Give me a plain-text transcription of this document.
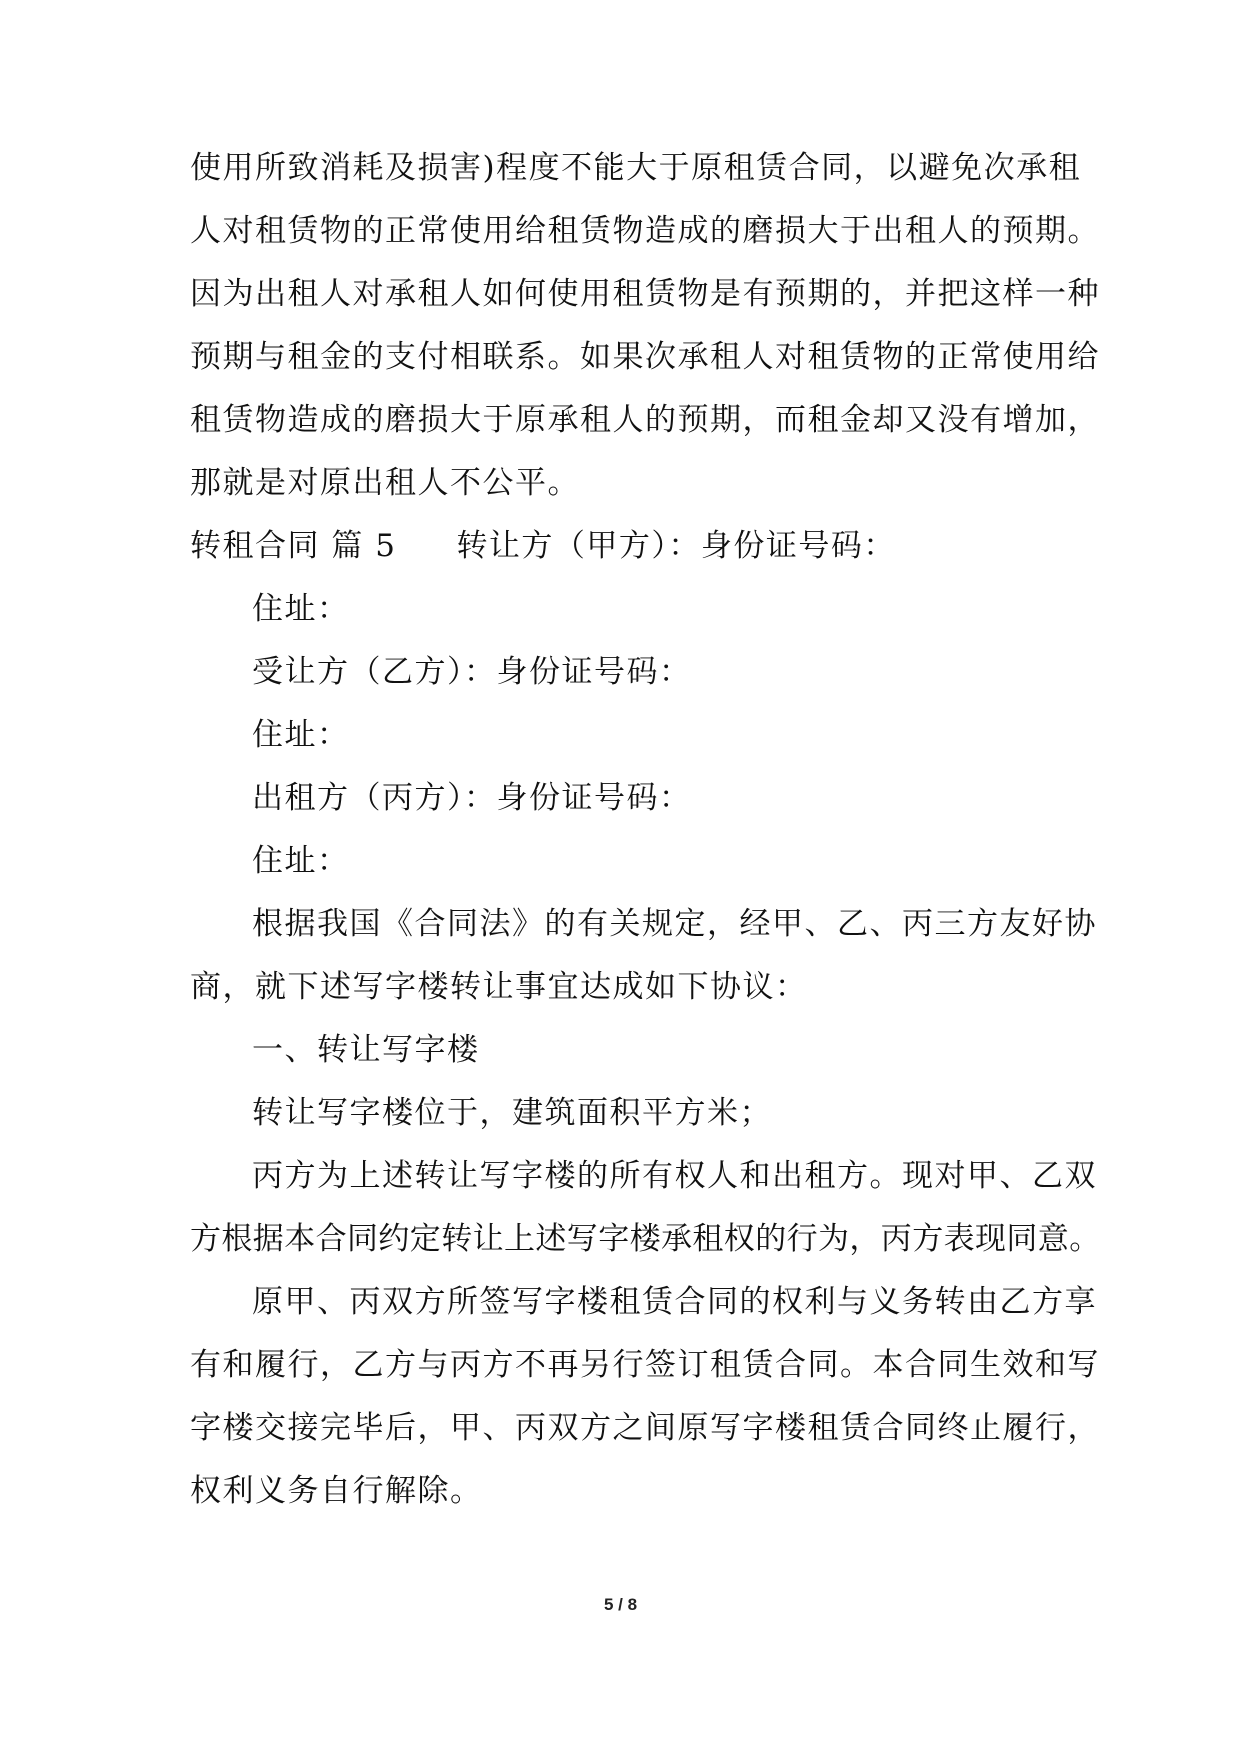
使用所致消耗及损害)程度不能大于原租赁合同，以避免次承租
人对租赁物的正常使用给租赁物造成的磨损大于出租人的预期。
因为出租人对承租人如何使用租赁物是有预期的，并把这样一种
预期与租金的支付相联系。如果次承租人对租赁物的正常使用给
租赁物造成的磨损大于原承租人的预期，而租金却又没有增加，
那就是对原出租人不公平。
转租合同 篇 5 转让方（甲方）：身份证号码：
住址：
受让方（乙方）：身份证号码：
住址：
出租方（丙方）：身份证号码：
住址：
根据我国《合同法》的有关规定，经甲、乙、丙三方友好协
商，就下述写字楼转让事宜达成如下协议：
一、转让写字楼
转让写字楼位于，建筑面积平方米；
丙方为上述转让写字楼的所有权人和出租方。现对甲、乙双
方根据本合同约定转让上述写字楼承租权的行为，丙方表现同意。
原甲、丙双方所签写字楼租赁合同的权利与义务转由乙方享
有和履行，乙方与丙方不再另行签订租赁合同。本合同生效和写
字楼交接完毕后，甲、丙双方之间原写字楼租赁合同终止履行，
权利义务自行解除。
5 / 8
